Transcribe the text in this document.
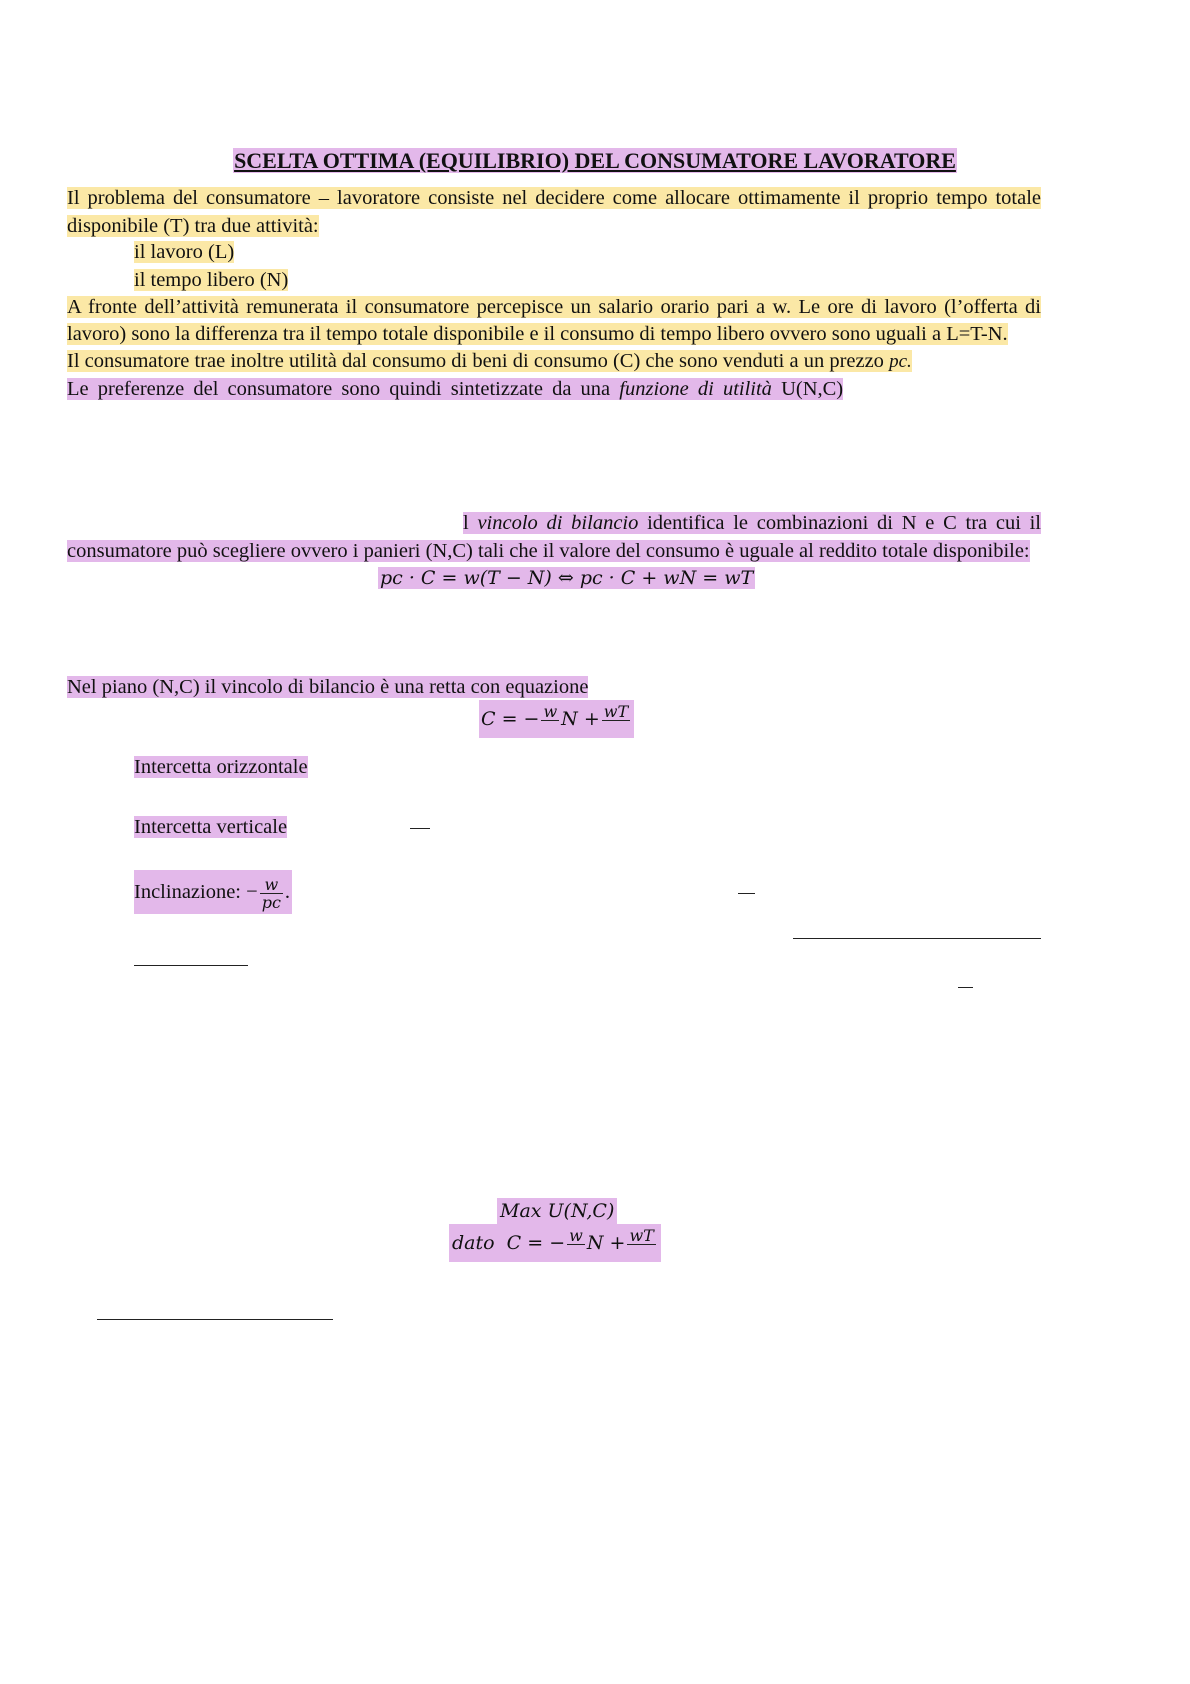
SCELTA OTTIMA (EQUILIBRIO) DEL CONSUMATORE LAVORATORE
Il problema del consumatore – lavoratore consiste nel decidere come allocare ottimamente il proprio tempo totale
disponibile (T) tra due attività:
il lavoro (L)
il tempo libero (N)
A fronte dell’attività remunerata il consumatore percepisce un salario orario pari a w. Le ore di lavoro (l’offerta di
lavoro) sono la differenza tra il tempo totale disponibile e il consumo di tempo libero ovvero sono uguali a L=T-N.
Il consumatore trae inoltre utilità dal consumo di beni di consumo (C) che sono venduti a un prezzo pc.
Le preferenze del consumatore sono quindi sintetizzate da una funzione di utilità U(N,C)
l vincolo di bilancio identifica le combinazioni di N e C tra cui il
consumatore può scegliere ovvero i panieri (N,C) tali che il valore del consumo è uguale al reddito totale disponibile:
pc · C = w(T − N) ⇔ pc · C + wN = wT
Nel piano (N,C) il vincolo di bilancio è una retta con equazione
C = − w
N + wT

Intercetta orizzontale
Intercetta verticale
Inclinazione: − $\frac{w}{pc}$ .
Max U(N,C)
dato C = − w
N + wT
